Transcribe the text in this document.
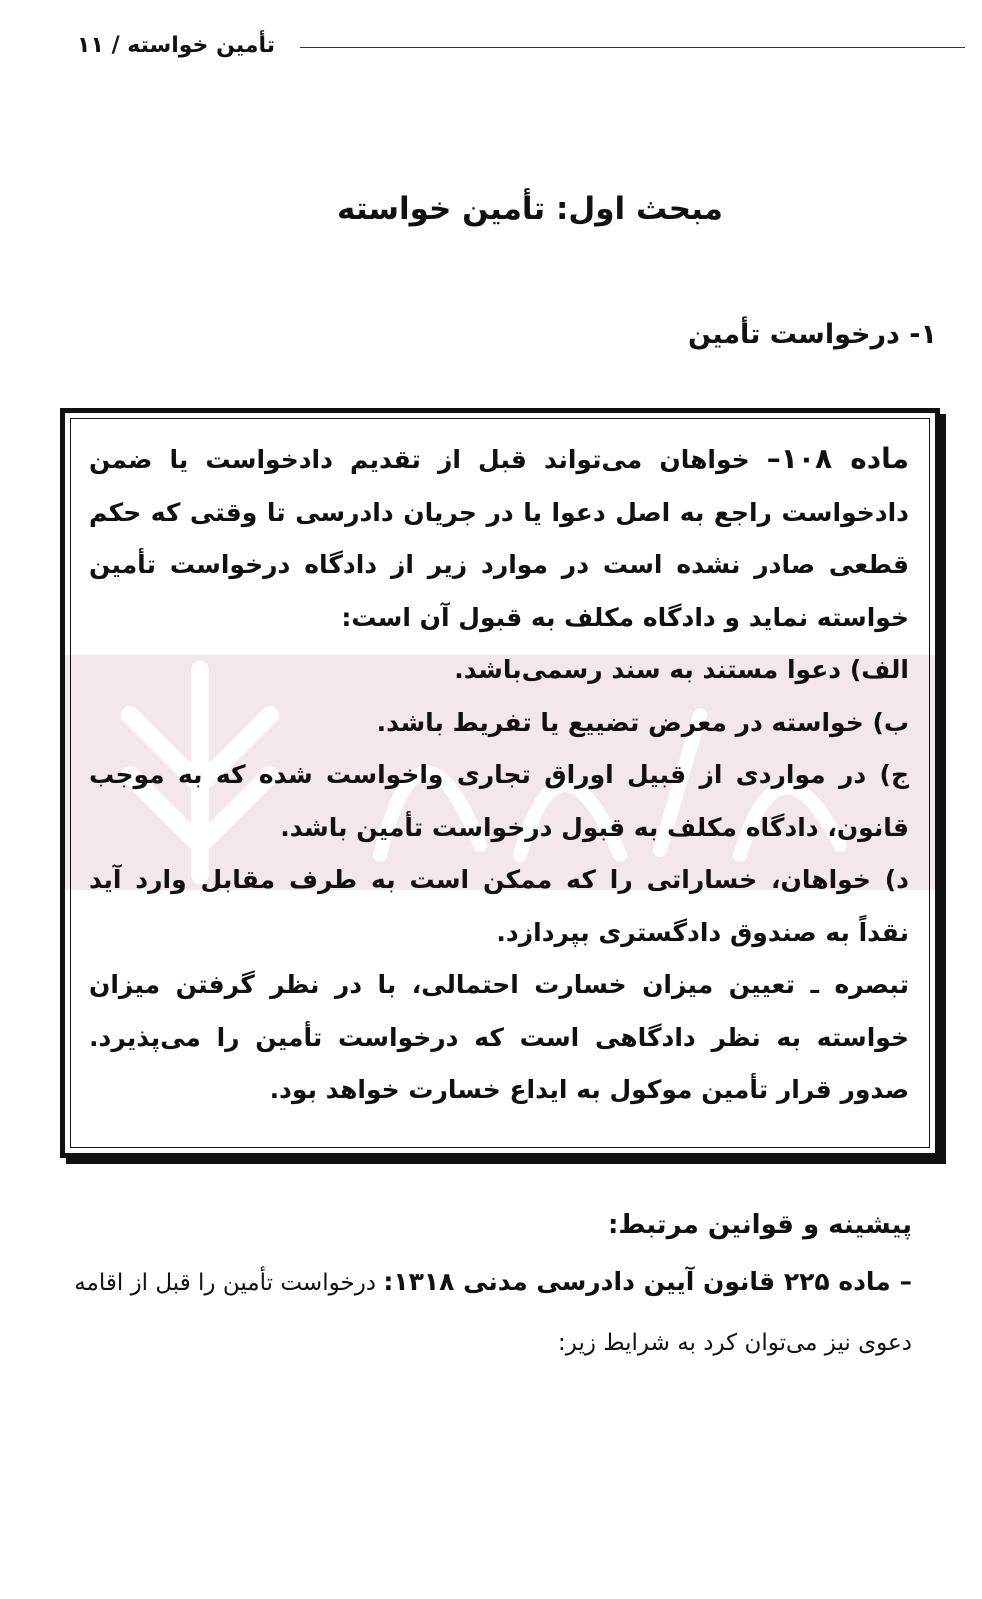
تأمین خواسته / ۱۱
مبحث اول: تأمین خواسته
۱- درخواست تأمین

ماده ۱۰۸– خواهان می‌تواند قبل از تقدیم دادخواست یا ضمن دادخواست راجع به اصل دعوا یا در جریان دادرسی تا وقتی که حکم قطعی صادر نشده است در موارد زیر از دادگاه درخواست تأمین خواسته نماید و دادگاه مکلف به قبول آن است:

الف) دعوا مستند به سند رسمی‌باشد.

ب) خواسته در معرض تضییع یا تفریط باشد.

ج) در مواردی از قبیل اوراق تجاری واخواست شده که به موجب قانون، دادگاه مکلف به قبول درخواست تأمین باشد.

د) خواهان، خساراتی را که ممکن است به طرف مقابل وارد آید نقداً به صندوق دادگستری بپردازد.

تبصره ـ تعیین میزان خسارت احتمالی، با در نظر گرفتن میزان خواسته به نظر دادگاهی است که درخواست تأمین را می‌پذیرد. صدور قرار تأمین موکول به ایداع خسارت خواهد بود.

پیشینه و قوانین مرتبط:

– ماده ۲۲۵ قانون آیین دادرسی مدنی ۱۳۱۸: درخواست تأمین را قبل از اقامه دعوی نیز می‌توان کرد به شرایط زیر:
